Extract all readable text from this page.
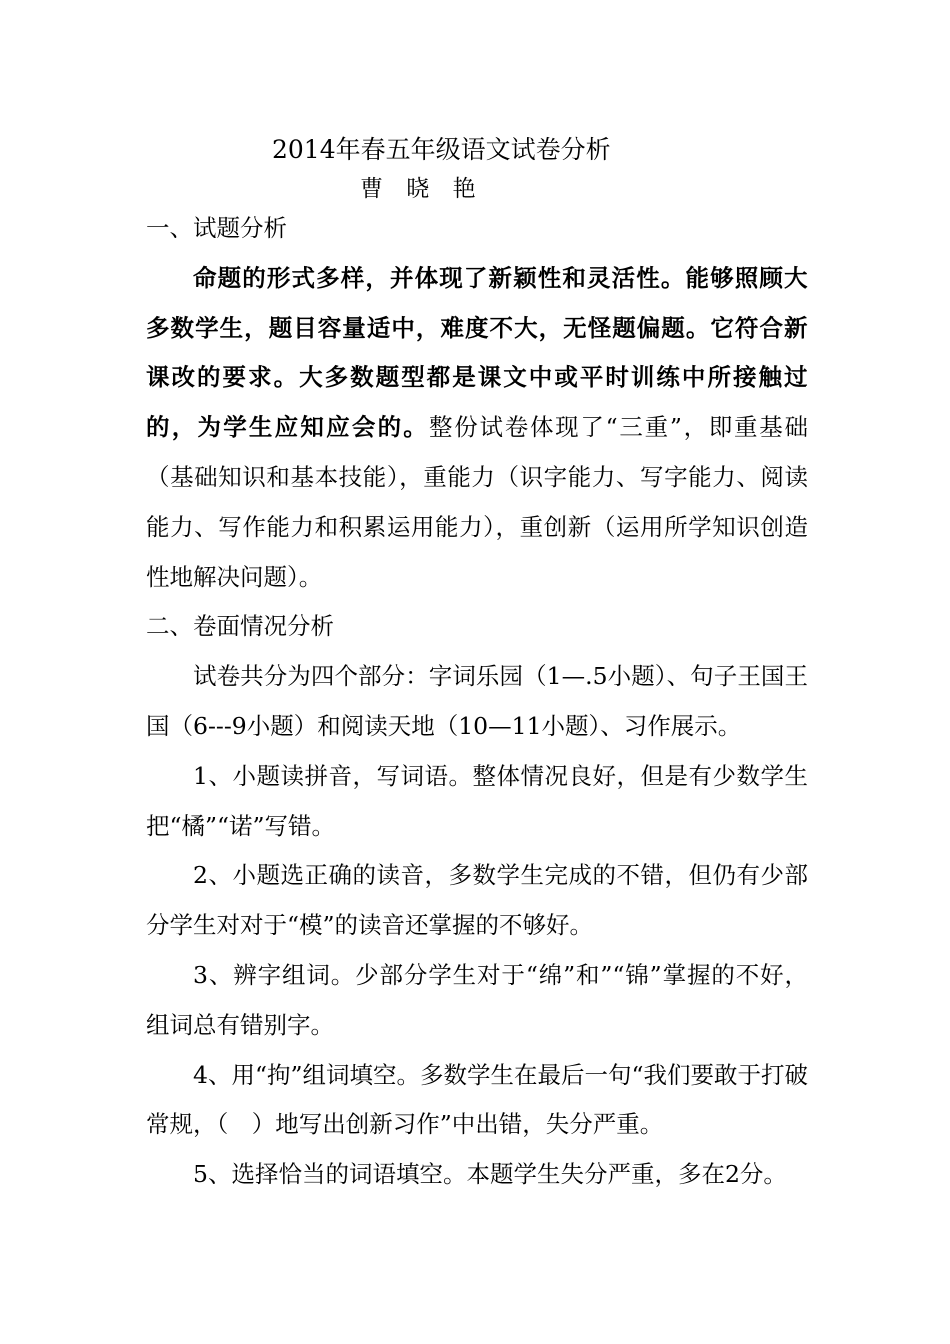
2014年春五年级语文试卷分析
曹 晓 艳

一、试题分析

命题的形式多样，并体现了新颖性和灵活性。能够照顾大多数学生，题目容量适中，难度不大，无怪题偏题。它符合新课改的要求。大多数题型都是课文中或平时训练中所接触过的，为学生应知应会的。整份试卷体现了“三重”，即重基础（基础知识和基本技能），重能力（识字能力、写字能力、阅读能力、写作能力和积累运用能力），重创新（运用所学知识创造性地解决问题）。

二、卷面情况分析

试卷共分为四个部分：字词乐园（1—.5小题）、句子王国王国（6---9小题）和阅读天地（10—11小题）、习作展示。

1、小题读拼音，写词语。整体情况良好，但是有少数学生把“橘”“诺”写错。

2、小题选正确的读音，多数学生完成的不错，但仍有少部分学生对对于“模”的读音还掌握的不够好。

3、辨字组词。少部分学生对于“绵”和”“锦”掌握的不好，组词总有错别字。

4、用“拘”组词填空。多数学生在最后一句“我们要敢于打破常规，（　）地写出创新习作”中出错，失分严重。

5、选择恰当的词语填空。本题学生失分严重，多在2分。
